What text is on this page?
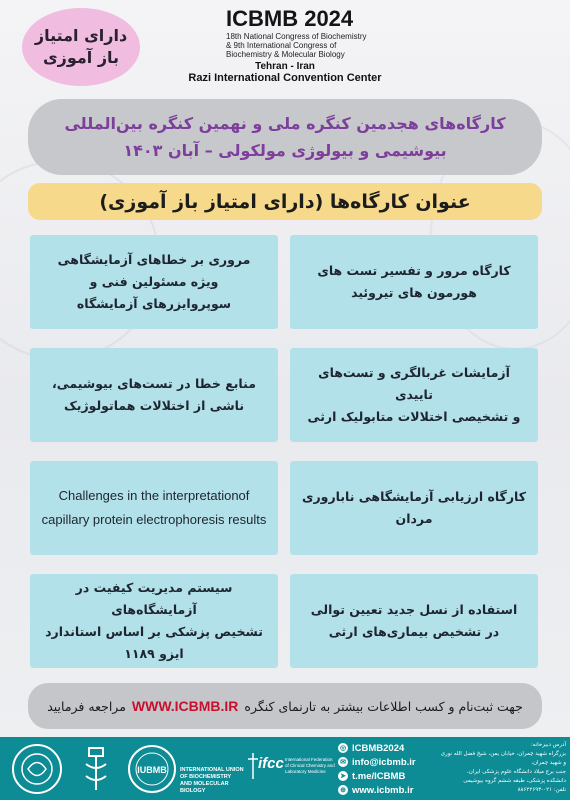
دارای امتیاز
باز آموزی
ICBMB 2024
18th National Congress of Biochemistry
& 9th International Congress of
Biochemistry & Molecular Biology
Tehran - Iran
Razi International Convention Center
کارگاه‌های هجدمین کنگره ملی و نهمین کنگره بین‌المللی
بیوشیمی و بیولوژی مولکولی – آبان ۱۴۰۳
عنوان کارگاه‌ها (دارای امتیاز باز آموزی)
کارگاه مرور و تفسیر تست های
هورمون های تیروئید
مروری بر خطاهای آزمایشگاهی
ویژه مسئولین فنی و
سوپروایزرهای آزمایشگاه
آزمایشات غربالگری و تست‌های تاییدی
و تشخیصی اختلالات متابولیک ارثی
منابع خطا در تست‌های بیوشیمی،
ناشی از اختلالات هماتولوژیک
کارگاه ارزیابی آزمایشگاهی ناباروری مردان
Challenges in the interpretationof
capillary protein electrophoresis results
استفاده از نسل جدید تعیین توالی
در تشخیص بیماری‌های ارثی
سیستم مدیریت کیفیت در آزمایشگاه‌های
تشخیص پزشکی بر اساس استاندارد ایزو ۱۱۸۹
جهت ثبت‌نام و کسب اطلاعات بیشتر به تارنمای کنگره
WWW.ICBMB.IR
مراجعه فرمایید
IUBMB INTERNATIONAL UNION OF BIOCHEMISTRY AND MOLECULAR BIOLOGY
ifcc International Federation of Clinical Chemistry and Laboratory Medicine
◎ ICBMB2024
✉ info@icbmb.ir
➤ t.me/ICBMB
⊕ www.icbmb.ir
آدرس دبیرخانه:
بزرگراه شهید چمران، خیابان یمن، شیخ فضل الله نوری و شهید چمران،
جنب برج میلاد دانشگاه علوم پزشکی ایران،
دانشکده پزشکی، طبقه ششم گروه بیوشیمی
تلفن: ۰۲۱-۸۸۶۲۲۶۹۳
